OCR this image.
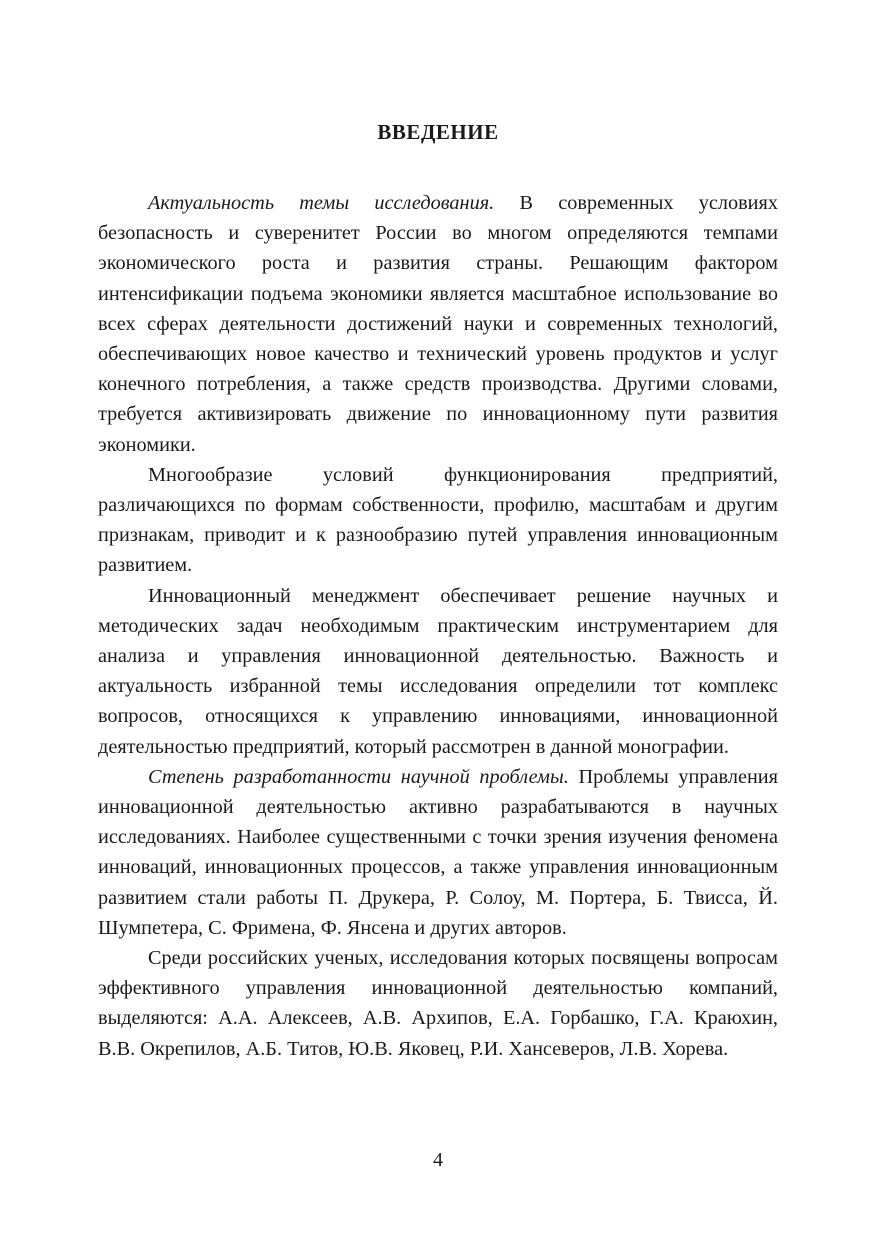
ВВЕДЕНИЕ

Актуальность темы исследования. В современных условиях безопасность и суверенитет России во многом определяются темпами экономического роста и развития страны. Решающим фактором интенсификации подъема экономики является масштабное использование во всех сферах деятельности достижений науки и современных технологий, обеспечивающих новое качество и технический уровень продуктов и услуг конечного потребления, а также средств производства. Другими словами, требуется активизировать движение по инновационному пути развития экономики.

Многообразие условий функционирования предприятий, различающихся по формам собственности, профилю, масштабам и другим признакам, приводит и к разнообразию путей управления инновационным развитием.

Инновационный менеджмент обеспечивает решение научных и методических задач необходимым практическим инструментарием для анализа и управления инновационной деятельностью. Важность и актуальность избранной темы исследования определили тот комплекс вопросов, относящихся к управлению инновациями, инновационной деятельностью предприятий, который рассмотрен в данной монографии.

Степень разработанности научной проблемы. Проблемы управления инновационной деятельностью активно разрабатываются в научных исследованиях. Наиболее существенными с точки зрения изучения феномена инноваций, инновационных процессов, а также управления инновационным развитием стали работы П. Друкера, Р. Солоу, М. Портера, Б. Твисса, Й. Шумпетера, С. Фримена, Ф. Янсена и других авторов.

Среди российских ученых, исследования которых посвящены вопросам эффективного управления инновационной деятельностью компаний, выделяются: А.А. Алексеев, А.В. Архипов, Е.А. Горбашко, Г.А. Краюхин, В.В. Окрепилов, А.Б. Титов, Ю.В. Яковец, Р.И. Хансеверов, Л.В. Хорева.

4
